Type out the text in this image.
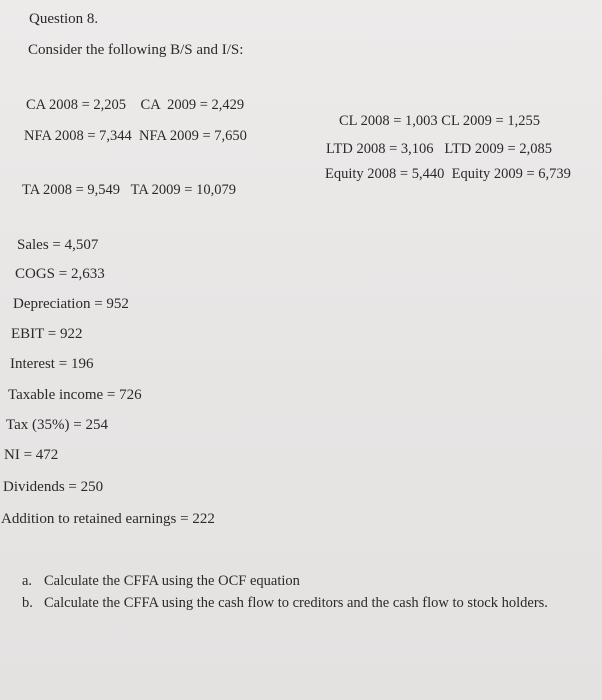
Question 8.
Consider the following B/S and I/S:
CA 2008 = 2,205    CA  2009 = 2,429
NFA 2008 = 7,344  NFA 2009 = 7,650
TA 2008 = 9,549   TA 2009 = 10,079
CL 2008 = 1,003 CL 2009 = 1,255
LTD 2008 = 3,106   LTD 2009 = 2,085
Equity 2008 = 5,440  Equity 2009 = 6,739
Sales = 4,507
COGS = 2,633
Depreciation = 952
EBIT = 922
Interest = 196
Taxable income = 726
Tax (35%) = 254
NI = 472
Dividends = 250
Addition to retained earnings = 222
a. Calculate the CFFA using the OCF equation
b. Calculate the CFFA using the cash flow to creditors and the cash flow to stock holders.
